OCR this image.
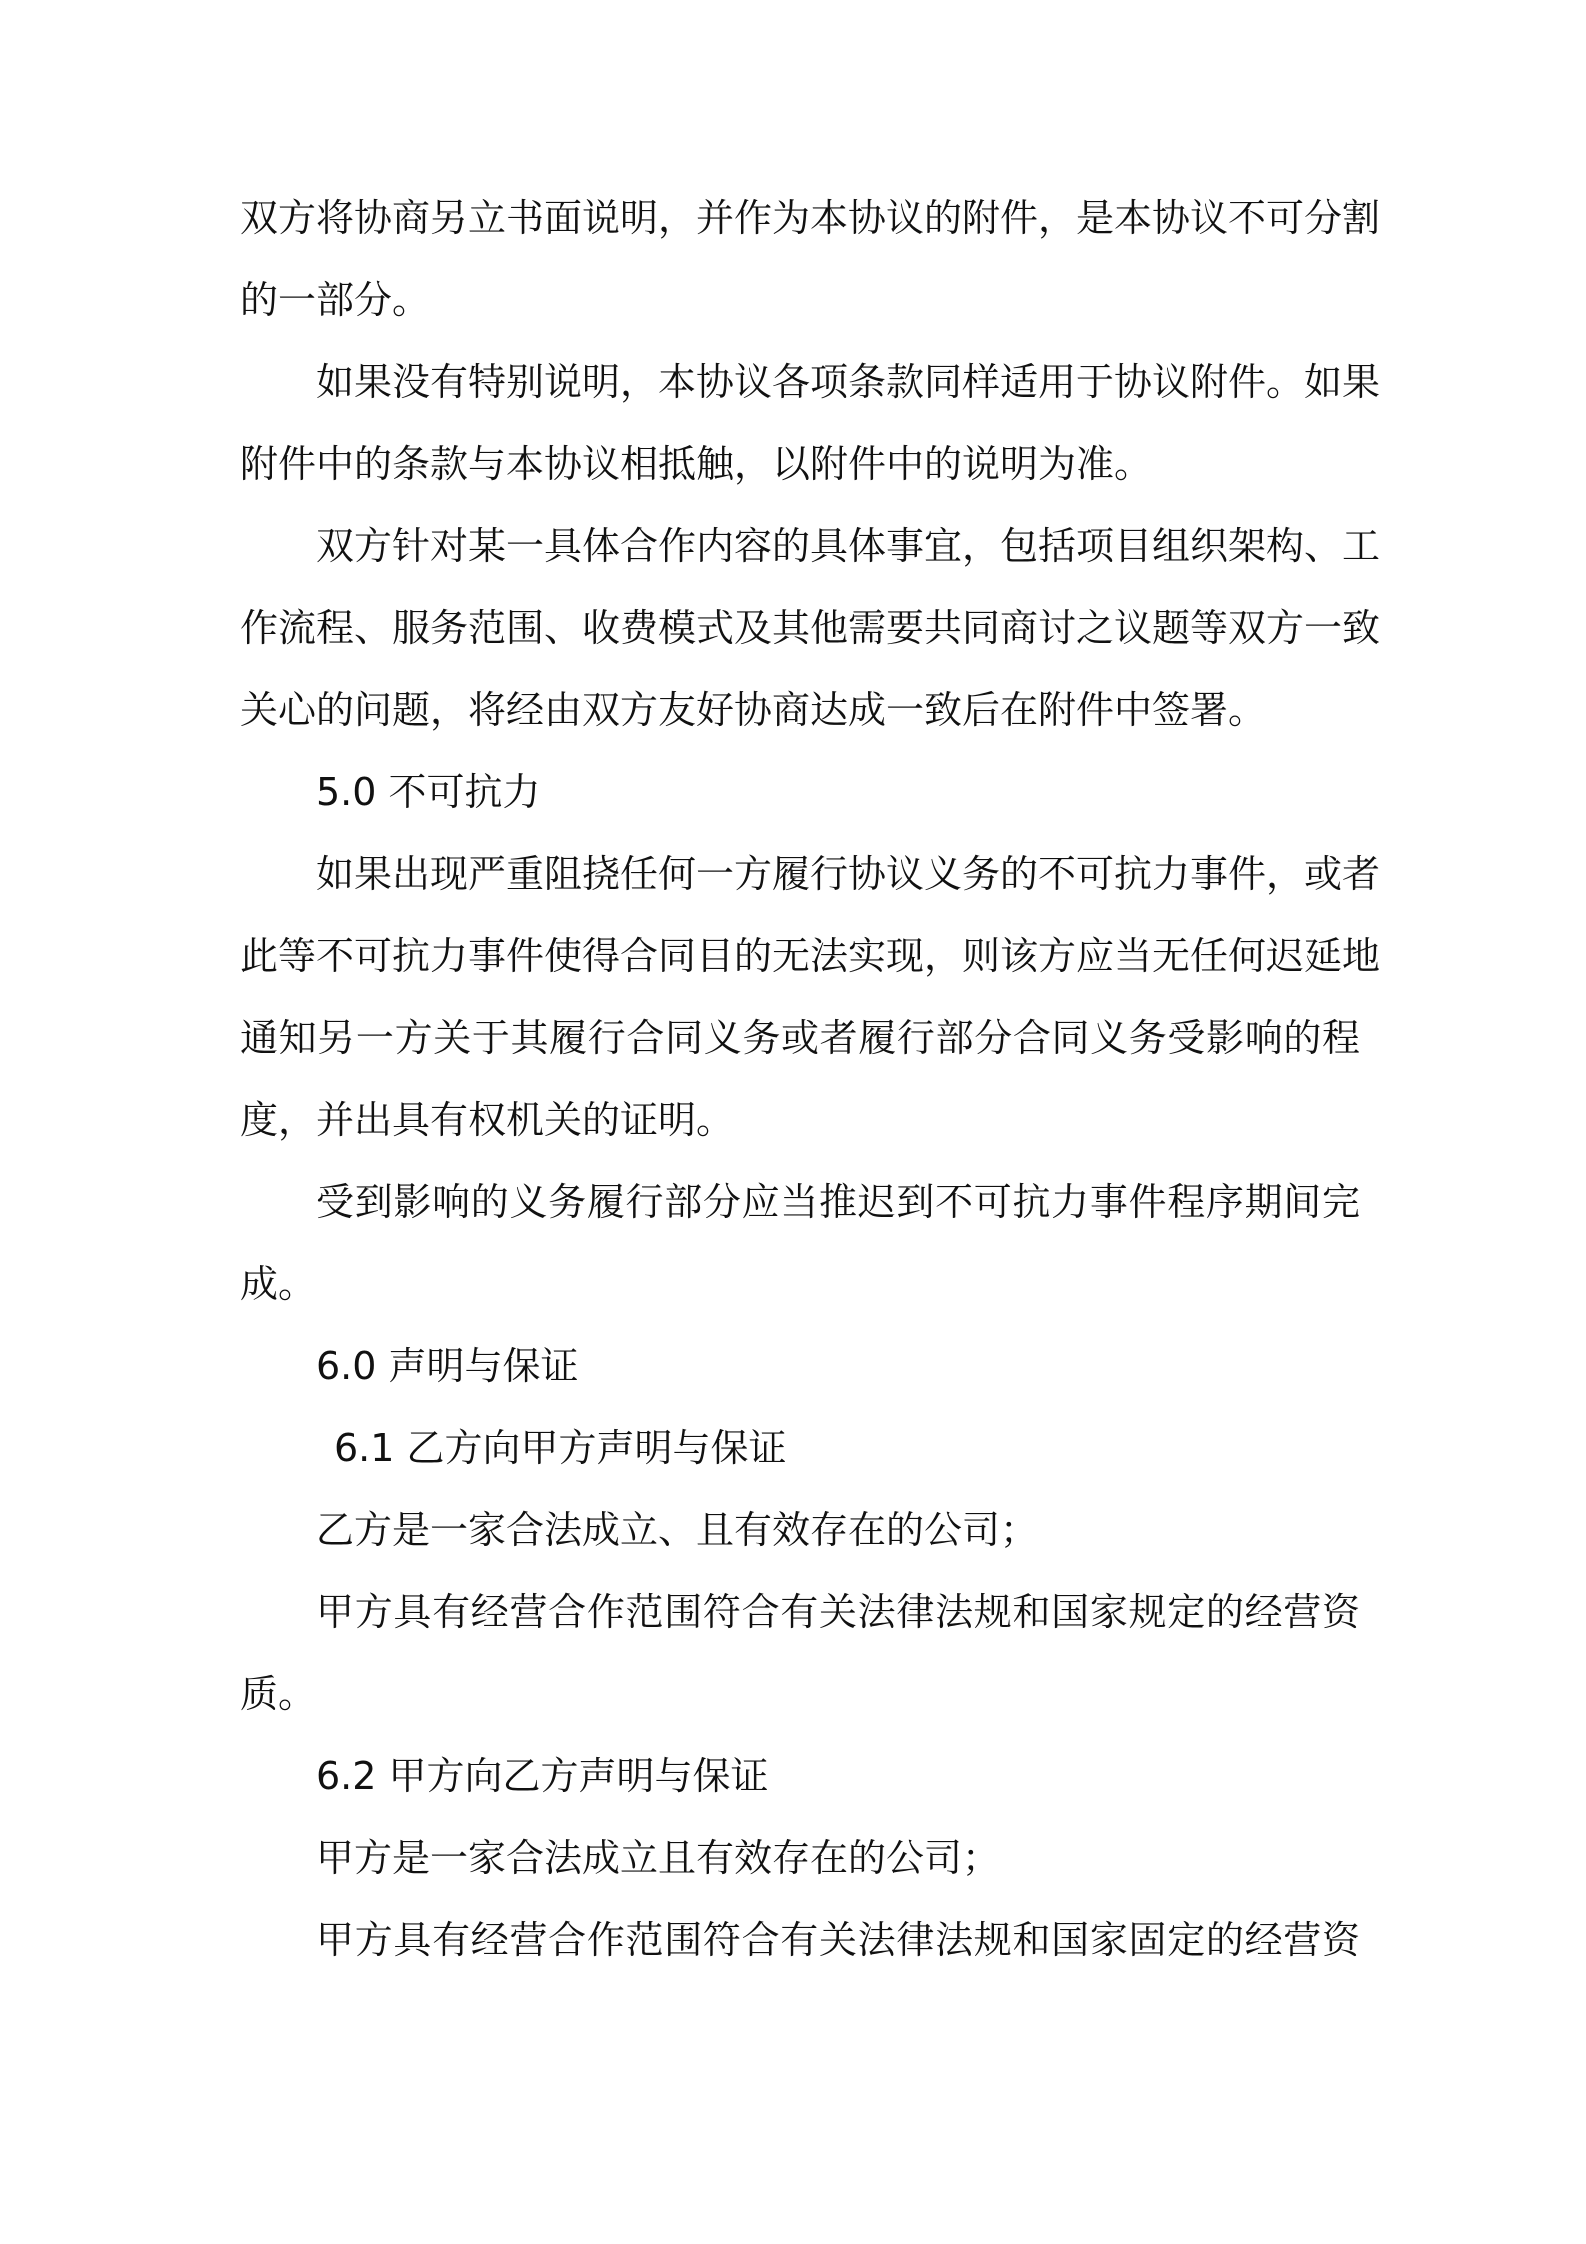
双方将协商另立书面说明，并作为本协议的附件，是本协议不可分割
的一部分。
如果没有特别说明，本协议各项条款同样适用于协议附件。如果
附件中的条款与本协议相抵触，以附件中的说明为准。
双方针对某一具体合作内容的具体事宜，包括项目组织架构、工
作流程、服务范围、收费模式及其他需要共同商讨之议题等双方一致
关心的问题，将经由双方友好协商达成一致后在附件中签署。
5.0 不可抗力
如果出现严重阻挠任何一方履行协议义务的不可抗力事件，或者
此等不可抗力事件使得合同目的无法实现，则该方应当无任何迟延地
通知另一方关于其履行合同义务或者履行部分合同义务受影响的程
度，并出具有权机关的证明。
受到影响的义务履行部分应当推迟到不可抗力事件程序期间完
成。
6.0 声明与保证
6.1 乙方向甲方声明与保证
乙方是一家合法成立、且有效存在的公司；
甲方具有经营合作范围符合有关法律法规和国家规定的经营资
质。
6.2 甲方向乙方声明与保证
甲方是一家合法成立且有效存在的公司；
甲方具有经营合作范围符合有关法律法规和国家固定的经营资
